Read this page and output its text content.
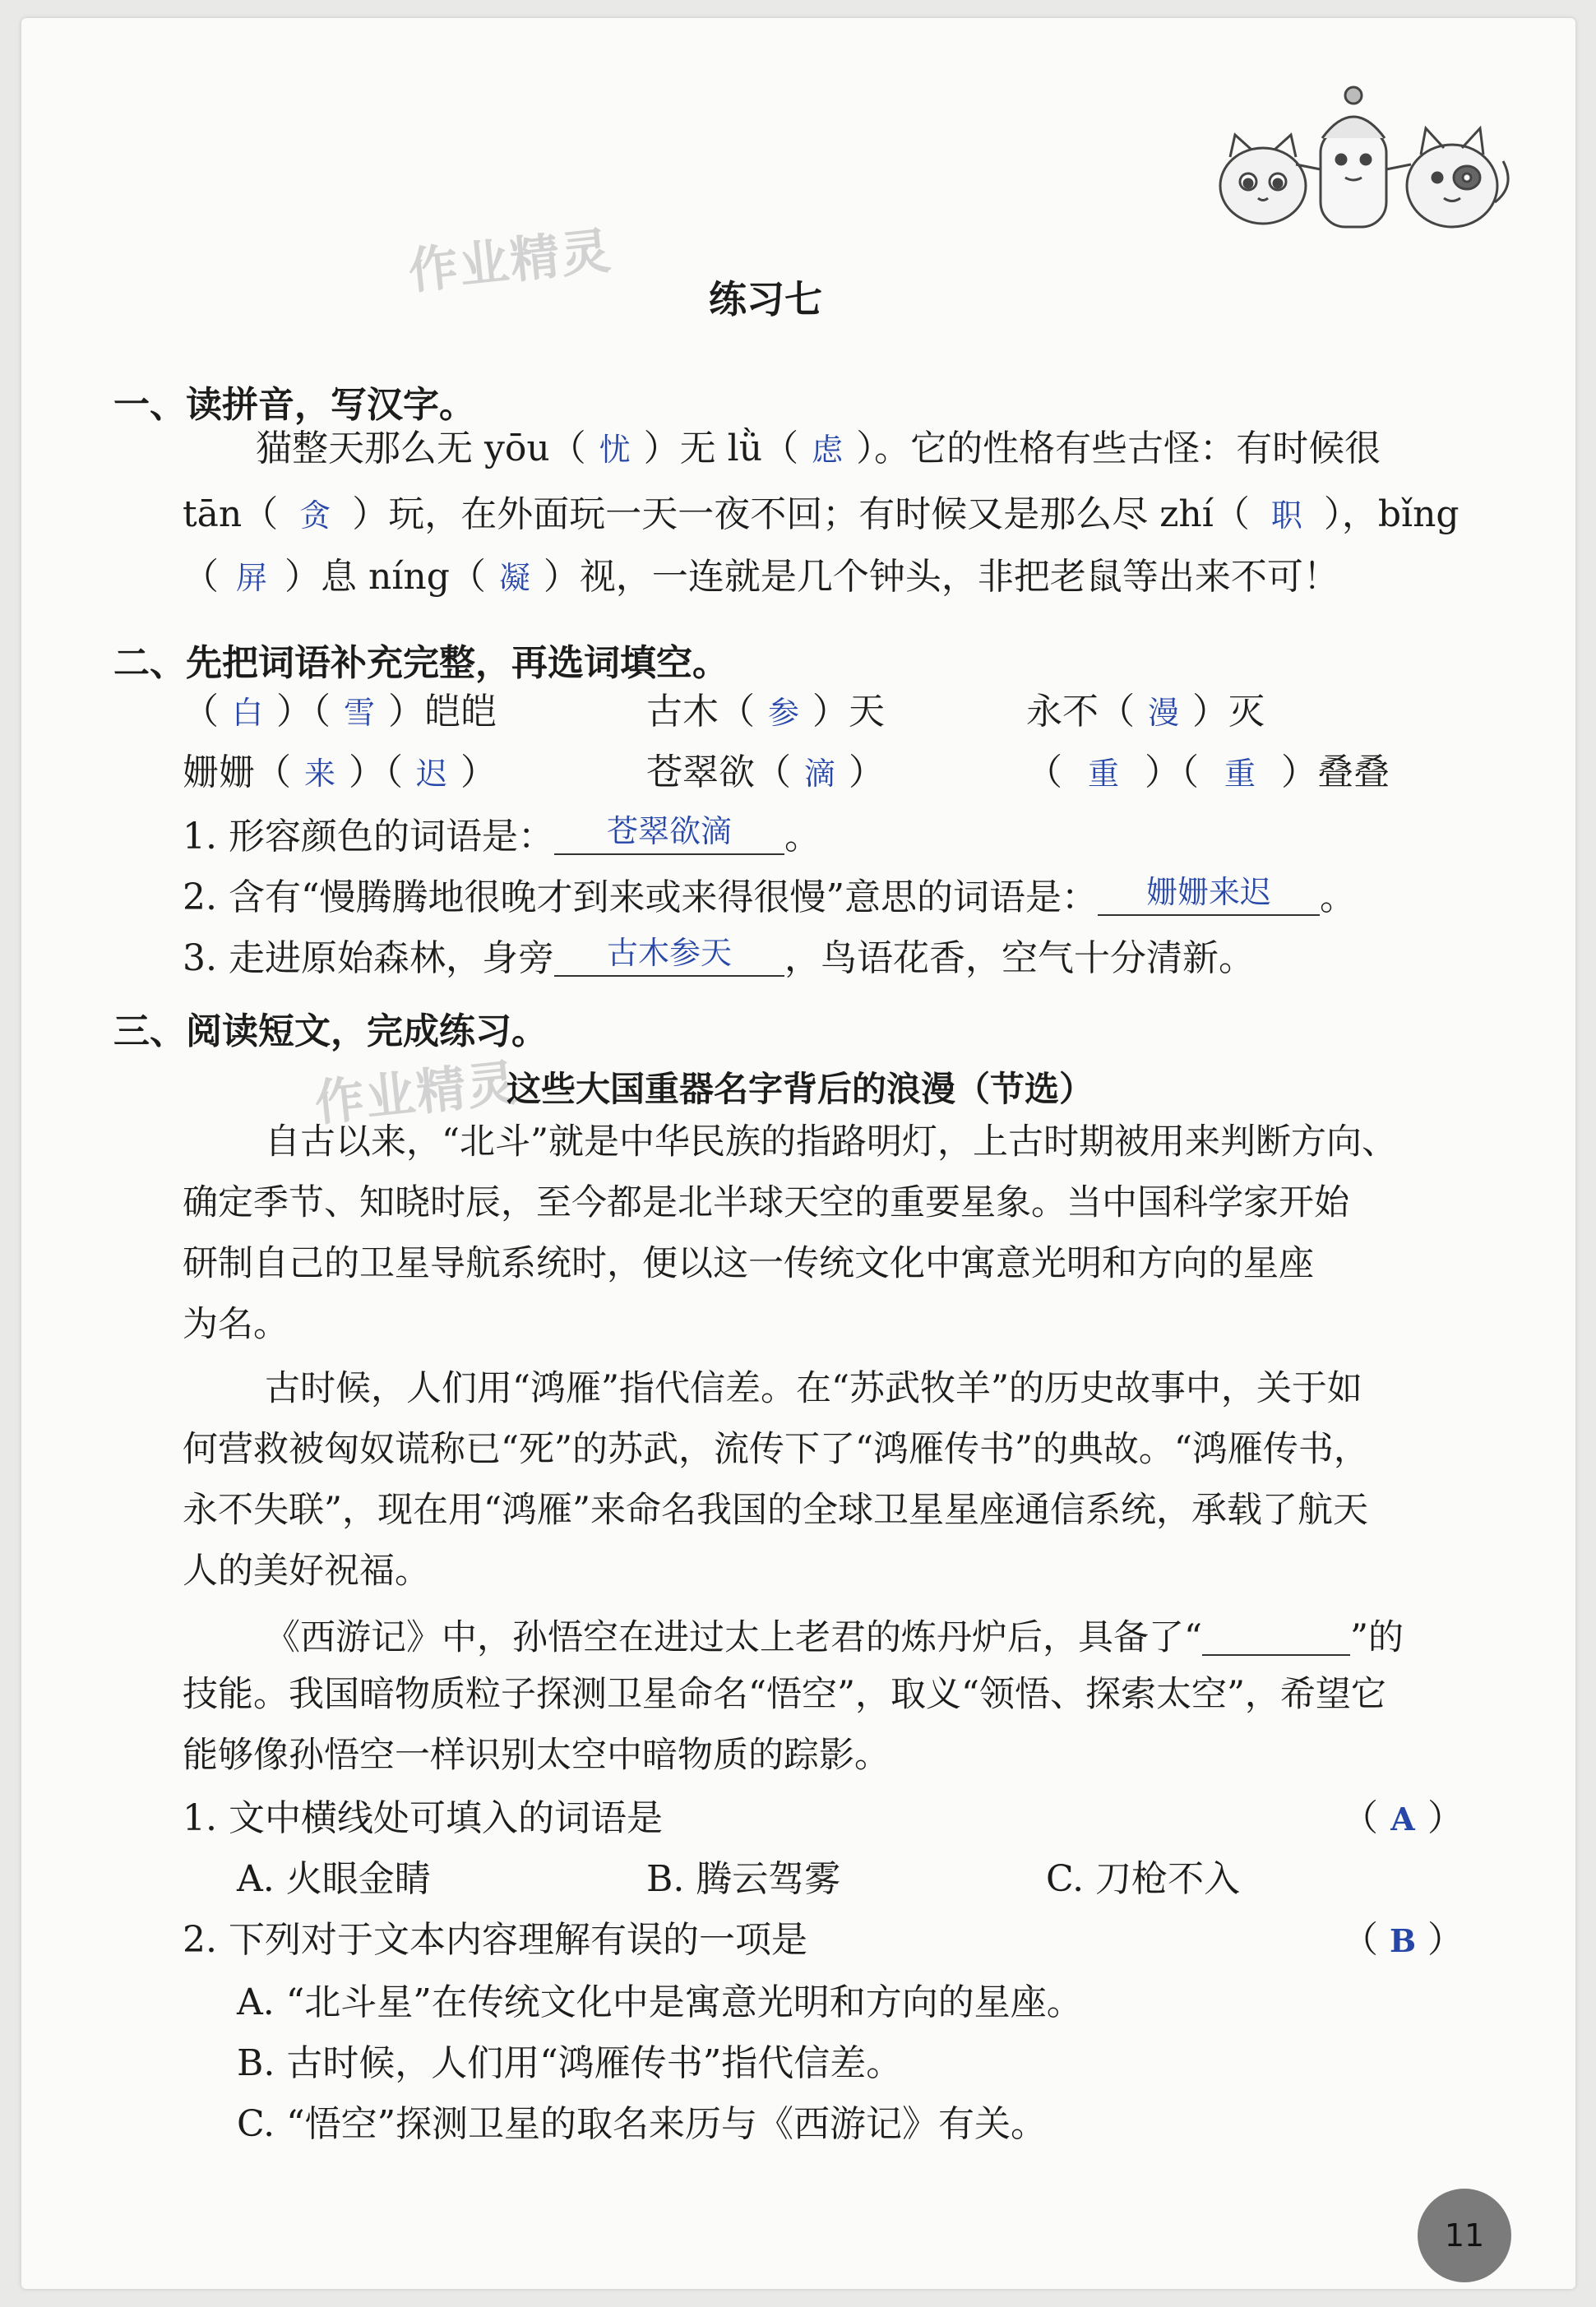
作业精灵
作业精灵
练习七
一、读拼音，写汉字。
猫整天那么无 yōu（ 忧 ）无 lǜ（ 虑 ）。它的性格有些古怪：有时候很
tān（ 贪 ）玩，在外面玩一天一夜不回；有时候又是那么尽 zhí（ 职 ），bǐng
（ 屏 ）息 níng（ 凝 ）视，一连就是几个钟头，非把老鼠等出来不可！
二、先把词语补充完整，再选词填空。
（ 白 ）（ 雪 ）皑皑	古木（ 参 ）天	永不（ 漫 ）灭
姗姗（ 来 ）（ 迟 ）	苍翠欲（ 滴 ）	（ 重 ）（ 重 ）叠叠
1. 形容颜色的词语是： 苍翠欲滴 。
2. 含有“慢腾腾地很晚才到来或来得很慢”意思的词语是： 姗姗来迟 。
3. 走进原始森林，身旁 古木参天 ，鸟语花香，空气十分清新。
三、阅读短文，完成练习。
这些大国重器名字背后的浪漫（节选）
自古以来，“北斗”就是中华民族的指路明灯，上古时期被用来判断方向、
确定季节、知晓时辰，至今都是北半球天空的重要星象。当中国科学家开始
研制自己的卫星导航系统时，便以这一传统文化中寓意光明和方向的星座
为名。
古时候，人们用“鸿雁”指代信差。在“苏武牧羊”的历史故事中，关于如
何营救被匈奴谎称已“死”的苏武，流传下了“鸿雁传书”的典故。“鸿雁传书，
永不失联”，现在用“鸿雁”来命名我国的全球卫星星座通信系统，承载了航天
人的美好祝福。
《西游记》中，孙悟空在进过太上老君的炼丹炉后，具备了“	”的
技能。我国暗物质粒子探测卫星命名“悟空”，取义“领悟、探索太空”，希望它
能够像孙悟空一样识别太空中暗物质的踪影。
1. 文中横线处可填入的词语是	（ A ）
A. 火眼金睛	B. 腾云驾雾	C. 刀枪不入
2. 下列对于文本内容理解有误的一项是	（ B ）
A. “北斗星”在传统文化中是寓意光明和方向的星座。
B. 古时候，人们用“鸿雁传书”指代信差。
C. “悟空”探测卫星的取名来历与《西游记》有关。
11
